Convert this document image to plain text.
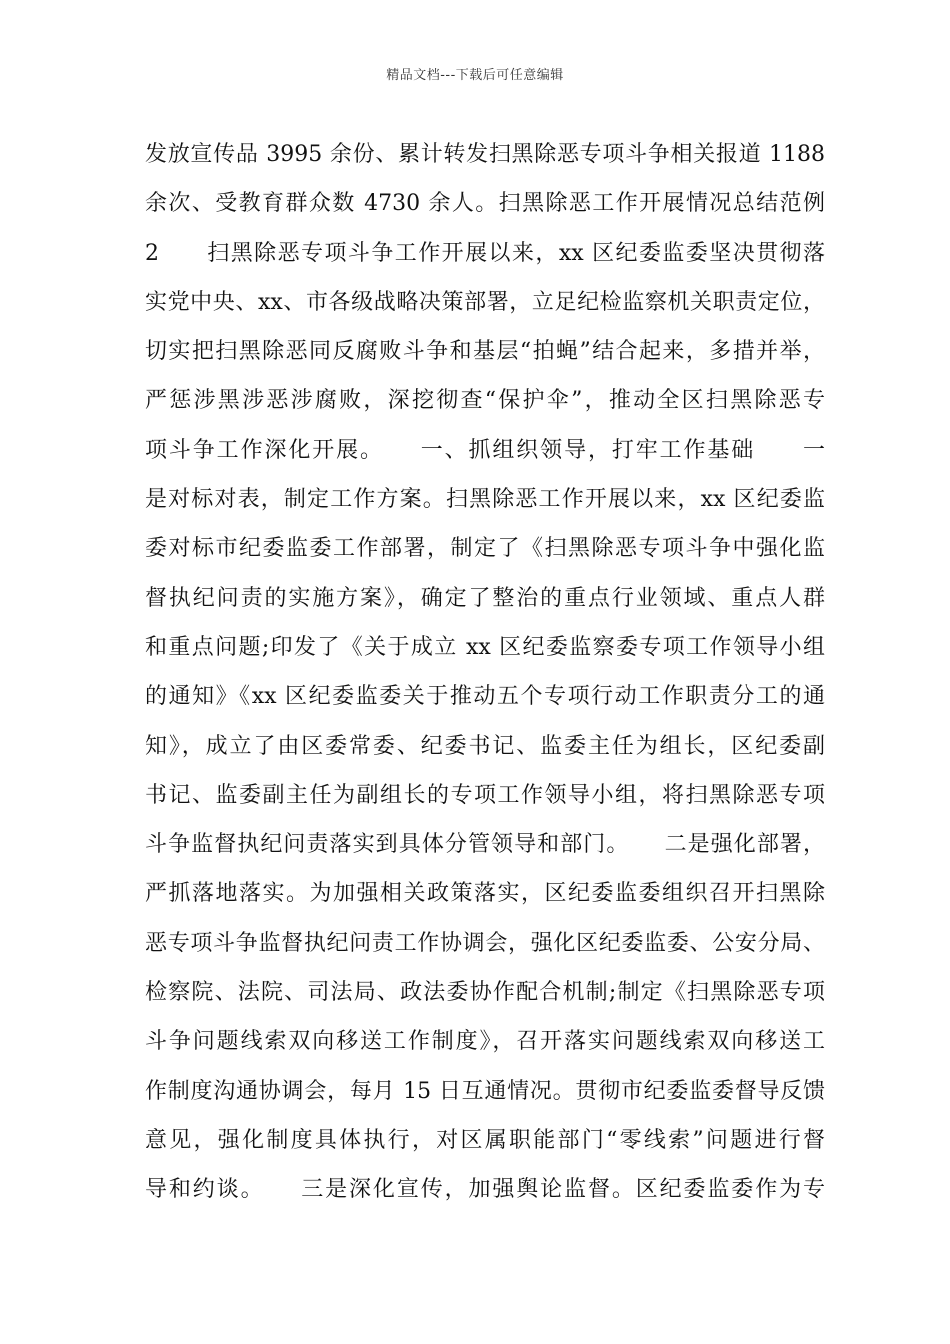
精品文档---下载后可任意编辑
发放宣传品 3995 余份、累计转发扫黑除恶专项斗争相关报道 1188
余次、受教育群众数 4730 余人。扫黑除恶工作开展情况总结范例
2　　扫黑除恶专项斗争工作开展以来，xx 区纪委监委坚决贯彻落
实党中央、xx、市各级战略决策部署，立足纪检监察机关职责定位，
切实把扫黑除恶同反腐败斗争和基层“拍蝇”结合起来，多措并举，
严惩涉黑涉恶涉腐败，深挖彻查“保护伞”，推动全区扫黑除恶专
项斗争工作深化开展。　　一、抓组织领导，打牢工作基础　　一
是对标对表，制定工作方案。扫黑除恶工作开展以来，xx 区纪委监
委对标市纪委监委工作部署，制定了《扫黑除恶专项斗争中强化监
督执纪问责的实施方案》，确定了整治的重点行业领域、重点人群
和重点问题;印发了《关于成立 xx 区纪委监察委专项工作领导小组
的通知》《xx 区纪委监委关于推动五个专项行动工作职责分工的通
知》，成立了由区委常委、纪委书记、监委主任为组长，区纪委副
书记、监委副主任为副组长的专项工作领导小组，将扫黑除恶专项
斗争监督执纪问责落实到具体分管领导和部门。　　二是强化部署，
严抓落地落实。为加强相关政策落实，区纪委监委组织召开扫黑除
恶专项斗争监督执纪问责工作协调会，强化区纪委监委、公安分局、
检察院、法院、司法局、政法委协作配合机制;制定《扫黑除恶专项
斗争问题线索双向移送工作制度》，召开落实问题线索双向移送工
作制度沟通协调会，每月 15 日互通情况。贯彻市纪委监委督导反馈
意见，强化制度具体执行，对区属职能部门“零线索”问题进行督
导和约谈。　　三是深化宣传，加强舆论监督。区纪委监委作为专
